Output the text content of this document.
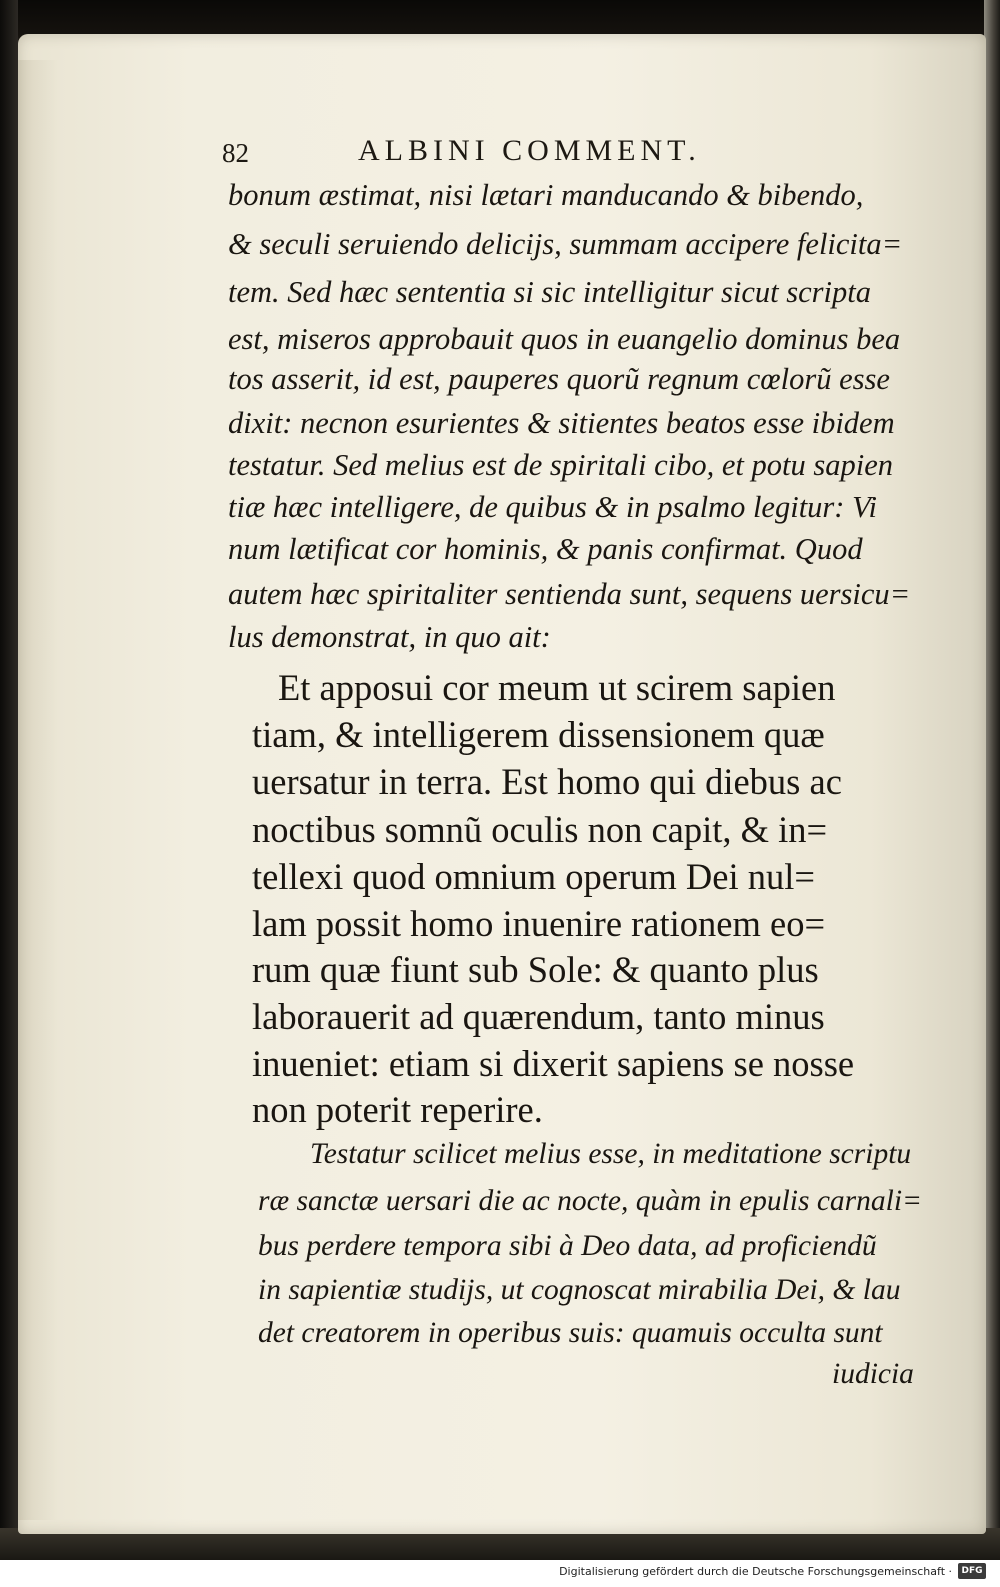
82	ALBINI COMMENT.
bonum æstimat, nisi lætari manducando & bibendo,
& seculi seruiendo delicijs, summam accipere felicita=
tem. Sed hæc sententia si sic intelligitur sicut scripta
est, miseros approbauit quos in euangelio dominus bea
tos asserit, id est, pauperes quorũ regnum cœlorũ esse
dixit: necnon esurientes & sitientes beatos esse ibidem
testatur. Sed melius est de spiritali cibo, et potu sapien
tiæ hæc intelligere, de quibus & in psalmo legitur: Vi
num lætificat cor hominis, & panis confirmat. Quod
autem hæc spiritaliter sentienda sunt, sequens uersicu=
lus demonstrat, in quo ait:
Et apposui cor meum ut scirem sapien
tiam, & intelligerem dissensionem quæ
uersatur in terra. Est homo qui diebus ac
noctibus somnũ oculis non capit, & in=
tellexi quod omnium operum Dei nul=
lam possit homo inuenire rationem eo=
rum quæ fiunt sub Sole: & quanto plus
laborauerit ad quærendum, tanto minus
inueniet: etiam si dixerit sapiens se nosse
non poterit reperire.
Testatur scilicet melius esse, in meditatione scriptu
ræ sanctæ uersari die ac nocte, quàm in epulis carnali=
bus perdere tempora sibi à Deo data, ad proficiendũ
in sapientiæ studijs, ut cognoscat mirabilia Dei, & lau
det creatorem in operibus suis: quamuis occulta sunt
iudicia
Digitalisierung gefördert durch die Deutsche Forschungsgemeinschaft ·	DFG
